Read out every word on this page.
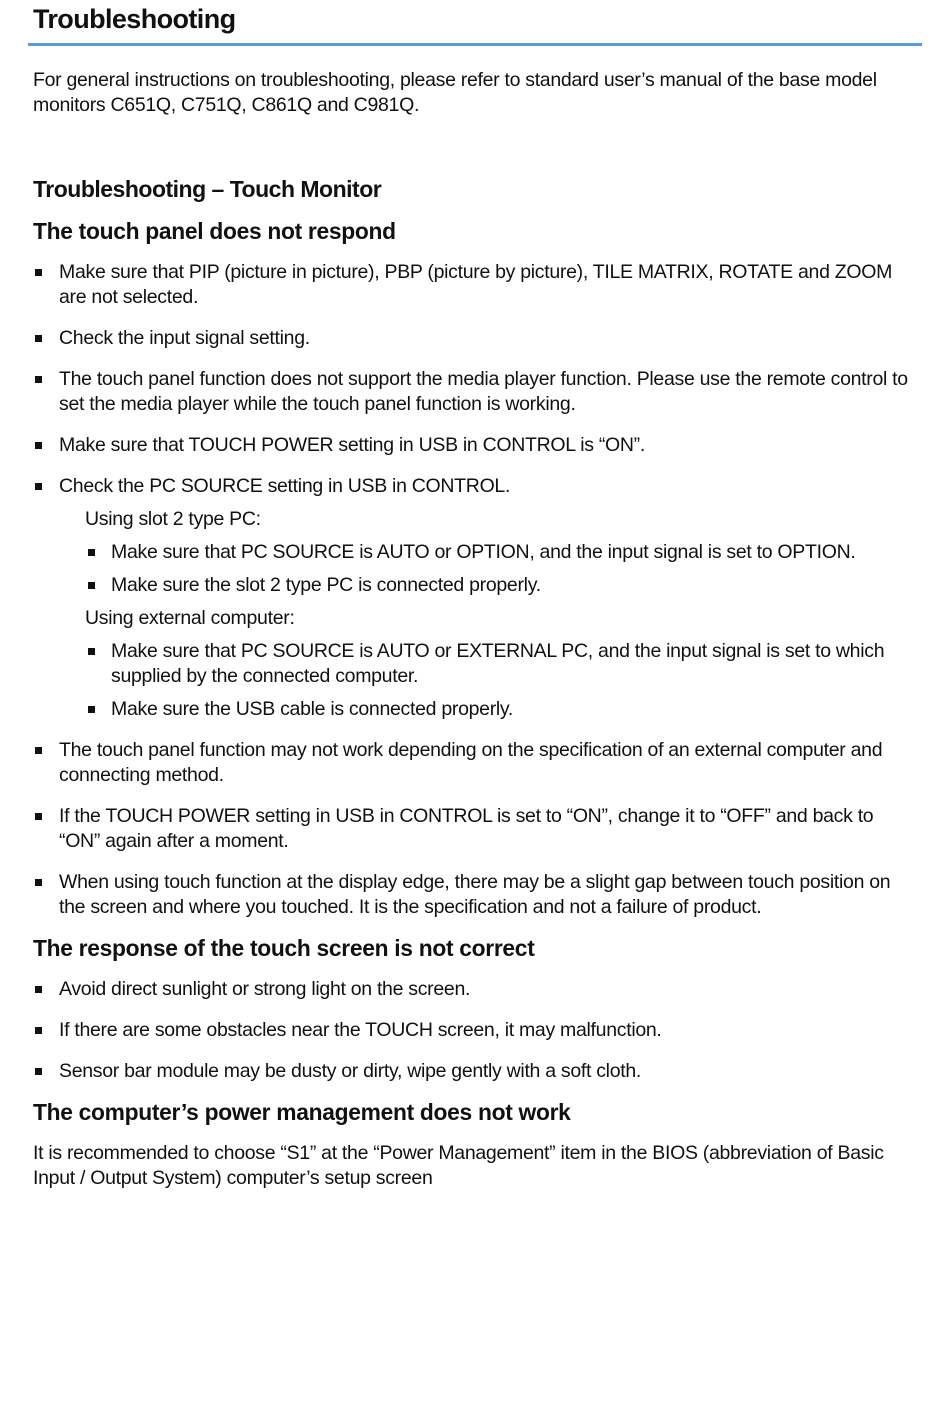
Troubleshooting

For general instructions on troubleshooting, please refer to standard user’s manual of the base model monitors C651Q, C751Q, C861Q and C981Q.

Troubleshooting – Touch Monitor
The touch panel does not respond
Make sure that PIP (picture in picture), PBP (picture by picture), TILE MATRIX, ROTATE and ZOOM are not selected.
Check the input signal setting.
The touch panel function does not support the media player function. Please use the remote control to set the media player while the touch panel function is working.
Make sure that TOUCH POWER setting in USB in CONTROL is “ON”.
Check the PC SOURCE setting in USB in CONTROL.

Using slot 2 type PC:

Make sure that PC SOURCE is AUTO or OPTION, and the input signal is set to OPTION.
Make sure the slot 2 type PC is connected properly.

Using external computer:

Make sure that PC SOURCE is AUTO or EXTERNAL PC, and the input signal is set to which supplied by the connected computer.
Make sure the USB cable is connected properly.
The touch panel function may not work depending on the specification of an external computer and connecting method.
If the TOUCH POWER setting in USB in CONTROL is set to “ON”, change it to “OFF” and back to “ON” again after a moment.
When using touch function at the display edge, there may be a slight gap between touch position on the screen and where you touched. It is the specification and not a failure of product.
The response of the touch screen is not correct
Avoid direct sunlight or strong light on the screen.
If there are some obstacles near the TOUCH screen, it may malfunction.
Sensor bar module may be dusty or dirty, wipe gently with a soft cloth.
The computer’s power management does not work

It is recommended to choose “S1” at the “Power Management” item in the BIOS (abbreviation of Basic Input / Output System) computer’s setup screen
